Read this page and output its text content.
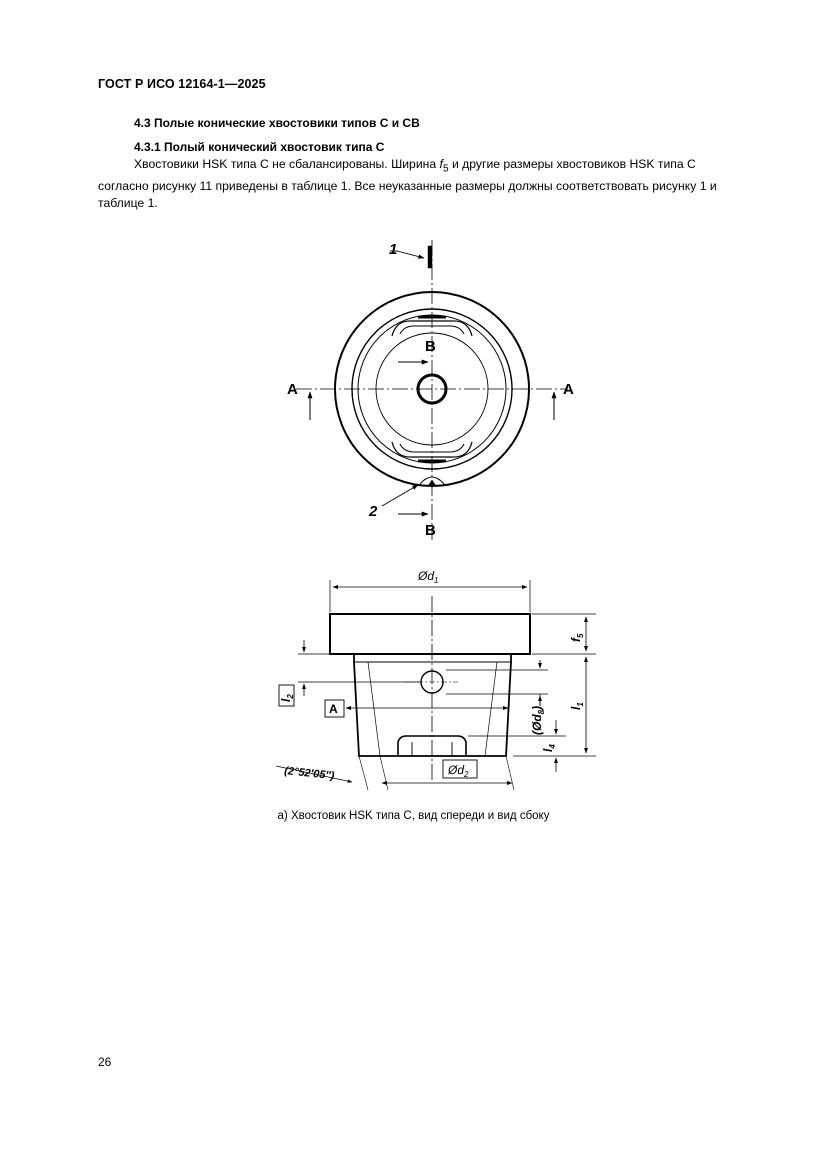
ГОСТ Р ИСО 12164-1—2025
4.3 Полые конические хвостовики типов С и СВ
4.3.1 Полый конический хвостовик типа С
Хвостовики HSK типа С не сбалансированы. Ширина $f_5$ и другие размеры хвостовиков HSK типа С согласно рисунку 11 приведены в таблице 1. Все неуказанные размеры должны соответствовать рисунку 1 и таблице 1.
1
2
A	A
B
B
$Ød_1$
$Ød_2$
$(Ød_8)$
$f_5$
$l_1$
$l_2$
$l_4$
A
(2°52′05″)
а) Хвостовик HSK типа С, вид спереди и вид сбоку
26
